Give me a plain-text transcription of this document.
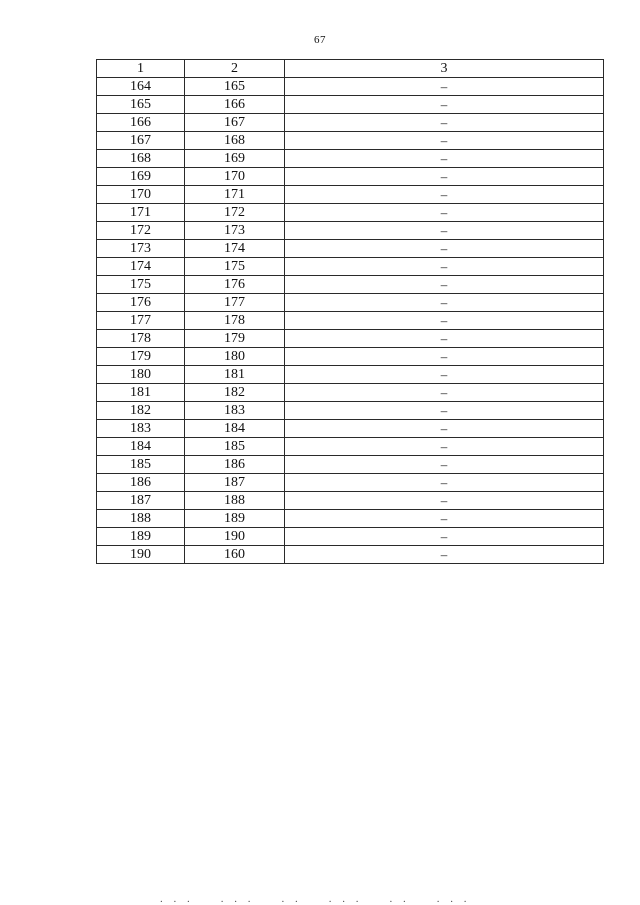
67
1	2	3
164	165	–
165	166	–
166	167	–
167	168	–
168	169	–
169	170	–
170	171	–
171	172	–
172	173	–
173	174	–
174	175	–
175	176	–
176	177	–
177	178	–
178	179	–
179	180	–
180	181	–
181	182	–
182	183	–
183	184	–
184	185	–
185	186	–
186	187	–
187	188	–
188	189	–
189	190	–
190	160	–
. . .    . . .    . .    . . .    . .    . . .
